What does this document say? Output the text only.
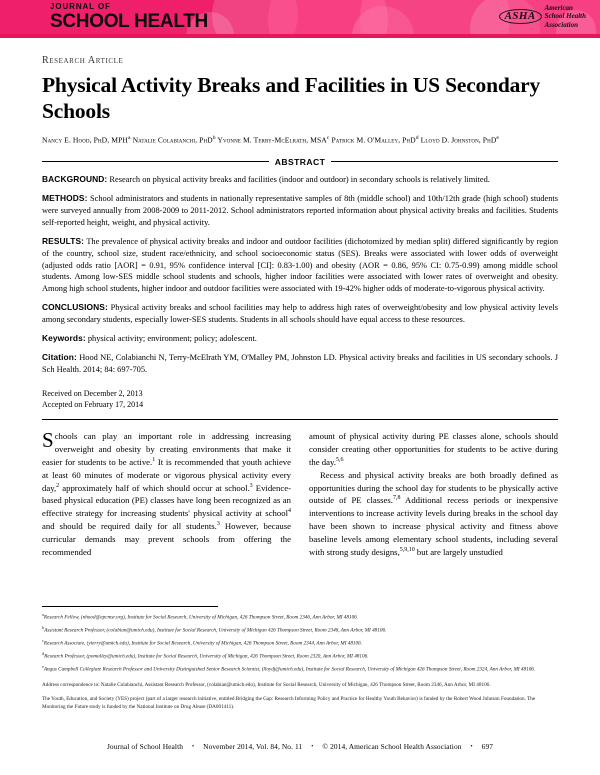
JOURNAL OF
SCHOOL HEALTH	ASHA
American
School Health
Association
Research Article
Physical Activity Breaks and Facilities in US Secondary Schools
Nancy E. Hood, PhD, MPH$^a$ Natalie Colabianchi, PhD$^b$ Yvonne M. Terry-McElrath, MSA$^c$ Patrick M. O'Malley, PhD$^d$ Lloyd D. Johnston, PhD$^e$
ABSTRACT

BACKGROUND: Research on physical activity breaks and facilities (indoor and outdoor) in secondary schools is relatively limited.

METHODS: School administrators and students in nationally representative samples of 8th (middle school) and 10th/12th grade (high school) students were surveyed annually from 2008-2009 to 2011-2012. School administrators reported information about physical activity breaks and facilities. Students self-reported height, weight, and physical activity.

RESULTS: The prevalence of physical activity breaks and indoor and outdoor facilities (dichotomized by median split) differed significantly by region of the country, school size, student race/ethnicity, and school socioeconomic status (SES). Breaks were associated with lower odds of overweight (adjusted odds ratio [AOR] = 0.91, 95% confidence interval [CI]: 0.83-1.00) and obesity (AOR = 0.86, 95% CI: 0.75-0.99) among middle school students. Among low-SES middle school students and schools, higher indoor facilities were associated with lower rates of overweight and obesity. Among high school students, higher indoor and outdoor facilities were associated with 19-42% higher odds of moderate-to-vigorous physical activity.

CONCLUSIONS: Physical activity breaks and school facilities may help to address high rates of overweight/obesity and low physical activity levels among secondary students, especially lower-SES students. Students in all schools should have equal access to these resources.

Keywords: physical activity; environment; policy; adolescent.

Citation: Hood NE, Colabianchi N, Terry-McElrath YM, O'Malley PM, Johnston LD. Physical activity breaks and facilities in US secondary schools. J Sch Health. 2014; 84: 697-705.

Received on December 2, 2013
Accepted on February 17, 2014

Schools can play an important role in addressing increasing overweight and obesity by creating environments that make it easier for students to be active.$^1$ It is recommended that youth achieve at least 60 minutes of moderate or vigorous physical activity every day,$^2$ approximately half of which should occur at school.$^3$ Evidence-based physical education (PE) classes have long been recognized as an effective strategy for increasing students' physical activity at school$^4$ and should be required daily for all students.$^3$ However, because curricular demands may prevent schools from offering the recommended

amount of physical activity during PE classes alone, schools should consider creating other opportunities for students to be active during the day.$^{5,6}$

Recess and physical activity breaks are both broadly defined as opportunities during the school day for students to be physically active outside of PE classes.$^{7,8}$ Additional recess periods or inexpensive interventions to increase activity levels during breaks in the school day have been shown to increase physical activity and fitness above baseline levels among elementary school students, including several with strong study designs,$^{5,9,10}$ but are largely unstudied

$^a$Research Fellow, (nhood@epcmsr.org), Institute for Social Research, University of Michigan, 426 Thompson Street, Room 2346, Ann Arbor, MI 48106.
$^b$Assistant Research Professor, (colabian@umich.edu), Institute for Social Research, University of Michigan 426 Thompson Street, Room 2346, Ann Arbor, MI 48106.
$^c$Research Associate, (yterry@umich.edu), Institute for Social Research, University of Michigan, 426 Thompson Street, Room 2344, Ann Arbor, MI 48106.
$^d$Research Professor, (pomalley@umich.edu), Institute for Social Research, University of Michigan, 426 Thompson Street, Room 2320, Ann Arbor, MI 48106.
$^e$Angus Campbell Collegiate Research Professor and University Distinguished Senior Research Scientist, (lloydj@umich.edu), Institute for Social Research, University of Michigan 426 Thompson Street, Room 2324, Ann Arbor, MI 48106.
Address correspondence to: Natalie Colabianchi, Assistant Research Professor, (colabian@umich.edu), Institute for Social Research, University of Michigan, 426 Thompson Street, Room 2346, Ann Arbor, MI 48106.
The Youth, Education, and Society (YES) project (part of a larger research initiative, entitled Bridging the Gap: Research Informing Policy and Practice for Healthy Youth Behavior) is funded by the Robert Wood Johnson Foundation. The Monitoring the Future study is funded by the National Institute on Drug Abuse (DA001411).
Journal of School Health • November 2014, Vol. 84, No. 11 • © 2014, American School Health Association • 697
